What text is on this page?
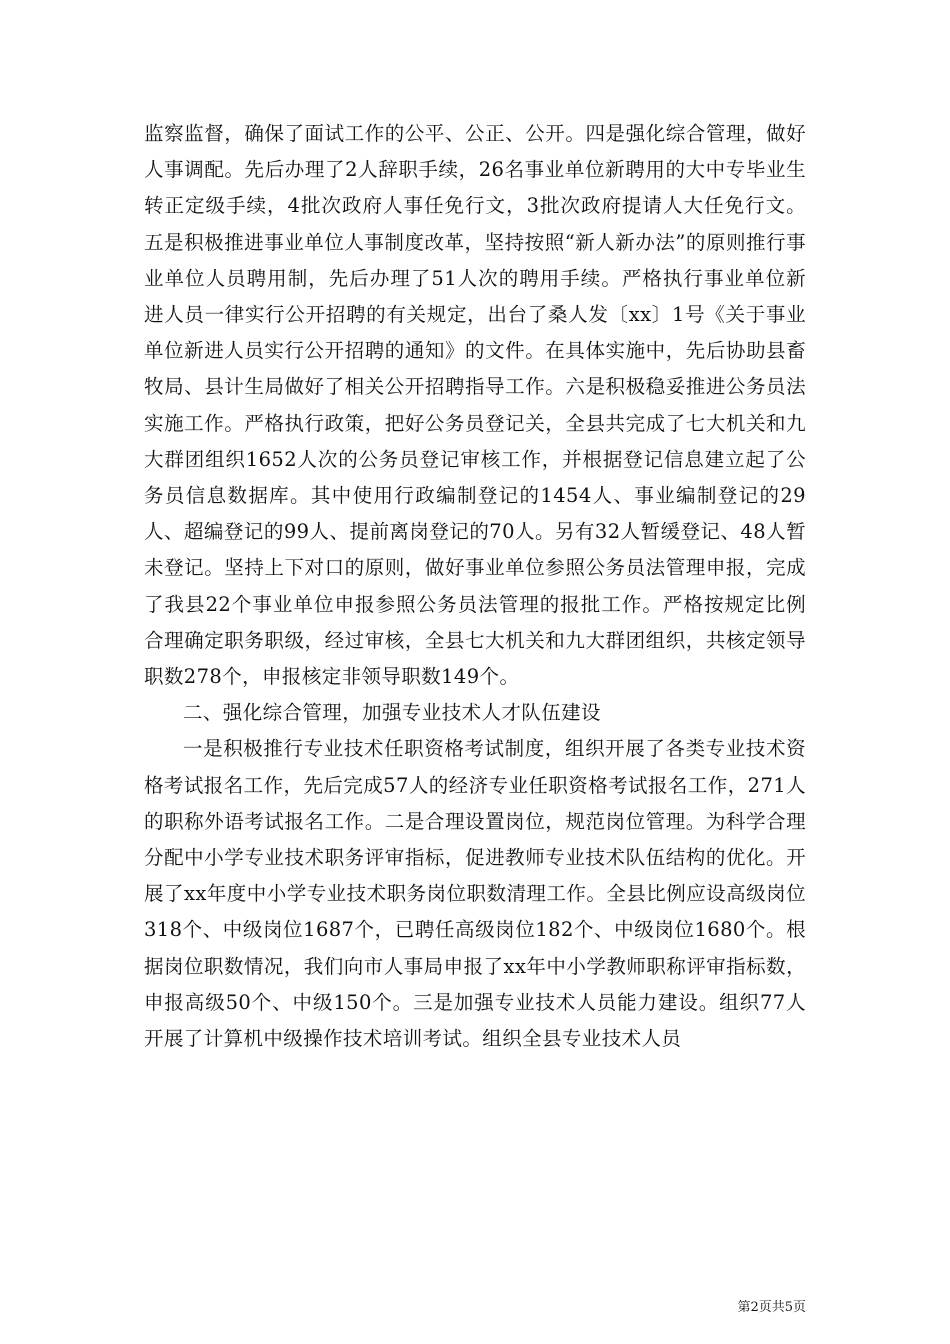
监察监督，确保了面试工作的公平、公正、公开。四是强化综合管理，做好人事调配。先后办理了2人辞职手续，26名事业单位新聘用的大中专毕业生转正定级手续，4批次政府人事任免行文，3批次政府提请人大任免行文。五是积极推进事业单位人事制度改革，坚持按照“新人新办法”的原则推行事业单位人员聘用制，先后办理了51人次的聘用手续。严格执行事业单位新进人员一律实行公开招聘的有关规定，出台了桑人发〔xx〕1号《关于事业单位新进人员实行公开招聘的通知》的文件。在具体实施中，先后协助县畜牧局、县计生局做好了相关公开招聘指导工作。六是积极稳妥推进公务员法实施工作。严格执行政策，把好公务员登记关，全县共完成了七大机关和九大群团组织1652人次的公务员登记审核工作，并根据登记信息建立起了公务员信息数据库。其中使用行政编制登记的1454人、事业编制登记的29人、超编登记的99人、提前离岗登记的70人。另有32人暂缓登记、48人暂未登记。坚持上下对口的原则，做好事业单位参照公务员法管理申报，完成了我县22个事业单位申报参照公务员法管理的报批工作。严格按规定比例合理确定职务职级，经过审核，全县七大机关和九大群团组织，共核定领导职数278个，申报核定非领导职数149个。

二、强化综合管理，加强专业技术人才队伍建设

一是积极推行专业技术任职资格考试制度，组织开展了各类专业技术资格考试报名工作，先后完成57人的经济专业任职资格考试报名工作，271人的职称外语考试报名工作。二是合理设置岗位，规范岗位管理。为科学合理分配中小学专业技术职务评审指标，促进教师专业技术队伍结构的优化。开展了xx年度中小学专业技术职务岗位职数清理工作。全县比例应设高级岗位318个、中级岗位1687个，已聘任高级岗位182个、中级岗位1680个。根据岗位职数情况，我们向市人事局申报了xx年中小学教师职称评审指标数，申报高级50个、中级150个。三是加强专业技术人员能力建设。组织77人开展了计算机中级操作技术培训考试。组织全县专业技术人员

第2页共5页
